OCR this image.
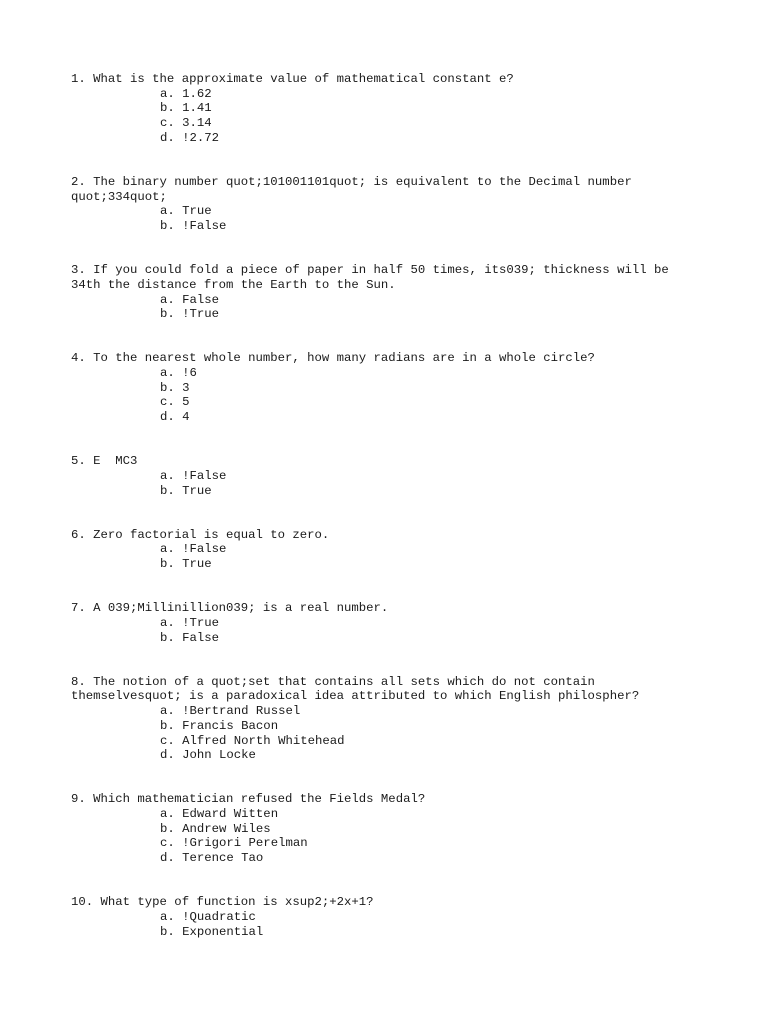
1. What is the approximate value of mathematical constant e?

a. 1.62

b. 1.41

c. 3.14

d. !2.72

2. The binary number quot;101001101quot; is equivalent to the Decimal number quot;334quot;

a. True

b. !False

3. If you could fold a piece of paper in half 50 times, its039; thickness will be 34th the distance from the Earth to the Sun.

a. False

b. !True

4. To the nearest whole number, how many radians are in a whole circle?

a. !6

b. 3

c. 5

d. 4

5. E  MC3

a. !False

b. True

6. Zero factorial is equal to zero.

a. !False

b. True

7. A 039;Millinillion039; is a real number.

a. !True

b. False

8. The notion of a quot;set that contains all sets which do not contain themselvesquot; is a paradoxical idea attributed to which English philospher?

a. !Bertrand Russel

b. Francis Bacon

c. Alfred North Whitehead

d. John Locke

9. Which mathematician refused the Fields Medal?

a. Edward Witten

b. Andrew Wiles

c. !Grigori Perelman

d. Terence Tao

10. What type of function is xsup2;+2x+1?

a. !Quadratic

b. Exponential
